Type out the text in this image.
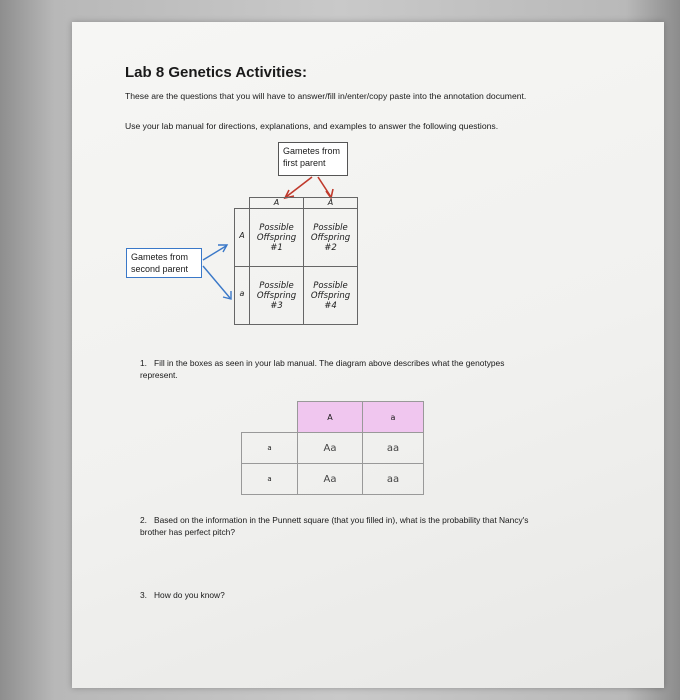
Lab 8 Genetics Activities:

These are the questions that you will have to answer/fill in/enter/copy paste into the annotation document.

Use your lab manual for directions, explanations, and examples to answer the following questions.

Gametes from first parent
Gametes from second parent
	A	A
A	Possible Offspring #1	Possible Offspring #2
a	Possible Offspring #3	Possible Offspring #4

1. Fill in the boxes as seen in your lab manual. The diagram above describes what the genotypes represent.

	A	a
a	Aa	aa
a	Aa	aa

2. Based on the information in the Punnett square (that you filled in), what is the probability that Nancy's brother has perfect pitch?

3. How do you know?
